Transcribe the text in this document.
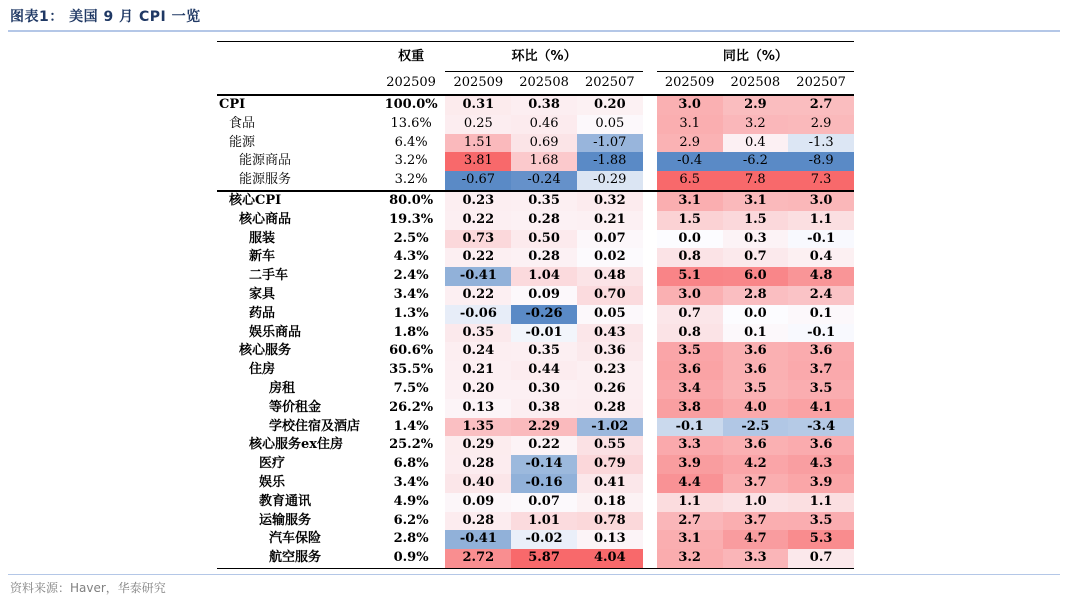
图表1： 美国 9 月 CPI 一览
	权重	环比（%）				同比（%）		
	202509	202509	202508	202507		202509	202508	202507
CPI	100.0%	0.31	0.38	0.20		3.0	2.9	2.7
食品	13.6%	0.25	0.46	0.05		3.1	3.2	2.9
能源	6.4%	1.51	0.69	-1.07		2.9	0.4	-1.3
能源商品	3.2%	3.81	1.68	-1.88		-0.4	-6.2	-8.9
能源服务	3.2%	-0.67	-0.24	-0.29		6.5	7.8	7.3
核心CPI	80.0%	0.23	0.35	0.32		3.1	3.1	3.0
核心商品	19.3%	0.22	0.28	0.21		1.5	1.5	1.1
服装	2.5%	0.73	0.50	0.07		0.0	0.3	-0.1
新车	4.3%	0.22	0.28	0.02		0.8	0.7	0.4
二手车	2.4%	-0.41	1.04	0.48		5.1	6.0	4.8
家具	3.4%	0.22	0.09	0.70		3.0	2.8	2.4
药品	1.3%	-0.06	-0.26	0.05		0.7	0.0	0.1
娱乐商品	1.8%	0.35	-0.01	0.43		0.8	0.1	-0.1
核心服务	60.6%	0.24	0.35	0.36		3.5	3.6	3.6
住房	35.5%	0.21	0.44	0.23		3.6	3.6	3.7
房租	7.5%	0.20	0.30	0.26		3.4	3.5	3.5
等价租金	26.2%	0.13	0.38	0.28		3.8	4.0	4.1
学校住宿及酒店	1.4%	1.35	2.29	-1.02		-0.1	-2.5	-3.4
核心服务ex住房	25.2%	0.29	0.22	0.55		3.3	3.6	3.6
医疗	6.8%	0.28	-0.14	0.79		3.9	4.2	4.3
娱乐	3.4%	0.40	-0.16	0.41		4.4	3.7	3.9
教育通讯	4.9%	0.09	0.07	0.18		1.1	1.0	1.1
运输服务	6.2%	0.28	1.01	0.78		2.7	3.7	3.5
汽车保险	2.8%	-0.41	-0.02	0.13		3.1	4.7	5.3
航空服务	0.9%	2.72	5.87	4.04		3.2	3.3	0.7
资料来源：Haver，华泰研究
